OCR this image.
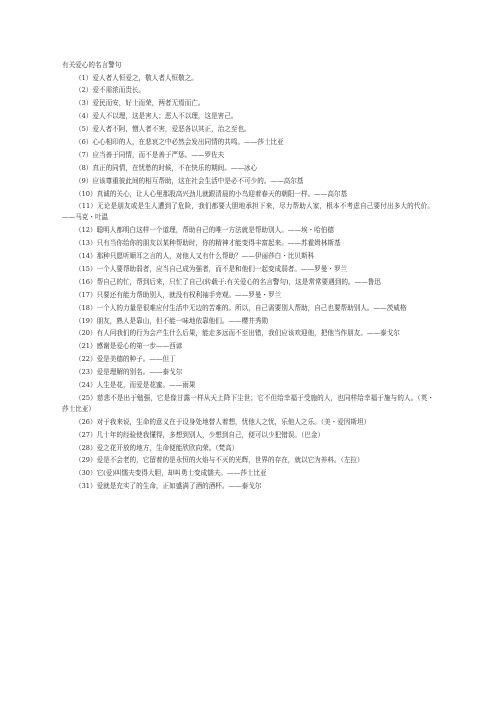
有关爱心的名言警句

（1）爱人者人恒爱之，敬人者人恒敬之。

（2）爱不需浓而贵长。

（3）爱民而安，好士而荣，两者无焉而亡。

（4）爱人不以理，这是害人；恶人不以理，这是害己。

（5）爱人者不阿，憎人者不害，爱恶各以其正，治之至也。

（6）心心相印的人，在悲哀之中必然会发出同情的共鸣。——莎士比亚

（7）应当善于同情，而不是善于严惩。——罗佐夫

（8）真正的同情，在忧愁的时候，不在快乐的期间。——冰心

（9）应该尊重彼此间的相互帮助，这在社会生活中是必不可少的。——高尔基

（10）真诚的关心，让人心里那股高兴劲儿就跟清晨的小鸟迎着春天的朝阳一样。——高尔基

（11）无论是朋友或是生人遭到了危险，我们都要大胆地承担下来，尽力帮助人家，根本不考虑自己要付出多大的代价。——马克・吐温

（12）聪明人都明白这样一个道理，帮助自己的唯一方法就是帮助别人。——埃・哈伯德

（13）只有当你给你的朋友以某种帮助时，你的精神才能变得丰富起来。——苏霍姆林斯基

（14）那种只愿听顺耳之言的人，对他人又有什么帮助？——伊丽莎白・比贝斯科

（15）一个人要帮助弱者，应当自己成为强者，而不是和他们一起变成弱者。——罗曼・罗兰

（16）帮自己的忙，帮到后来，只忙了自己(转载于:有关爱心的名言警句)，这是常常要遇到的。——鲁迅

（17）只要还有能力帮助别人，就没有权利袖手旁观。——罗曼・罗兰

（18）一个人的力量是很难应付生活中无边的苦难的。所以，自己需要别人帮助，自己也要帮助别人。——茨威格

（19）朋友，熟人是靠山，但不能一味地依靠他们。——樱井秀勋

（20）有人问我们的行为会产生什么后果，能走多远而不至出错，我们应该欢迎他，把他当作朋友。——泰戈尔

（21）感谢是爱心的第一步——西谚

（22）爱是美德的种子。——但丁

（23）爱是理解的别名。——泰戈尔

（24）人生是花，而爱是花蜜。——雨果

（25）慈悲不是出于勉强，它是像甘露一样从天上降下尘世；它不但给幸福于受施的人，也同样给幸福于施与的人。（英・莎士比亚）

（26）对于我来说，生命的意义在于设身处地替人着想，忧他人之忧，乐他人之乐。（美・爱因斯坦）

（27）几十年的经验使我懂得，多想到别人，少想到自己，便可以少犯错误。（巴金）

（28）爱之花开放的地方，生命便能欣欣向荣。（梵高）

（29）爱是不会老的，它留着的是永恒的火焰与不灭的光辉，世界的存在，就以它为养料。（左拉）

（30）它(爱)叫懦夫变得大胆，却叫勇士变成懦夫。——莎士比亚

（31）爱就是充实了的生命，正如盛满了酒的酒杯。——泰戈尔
